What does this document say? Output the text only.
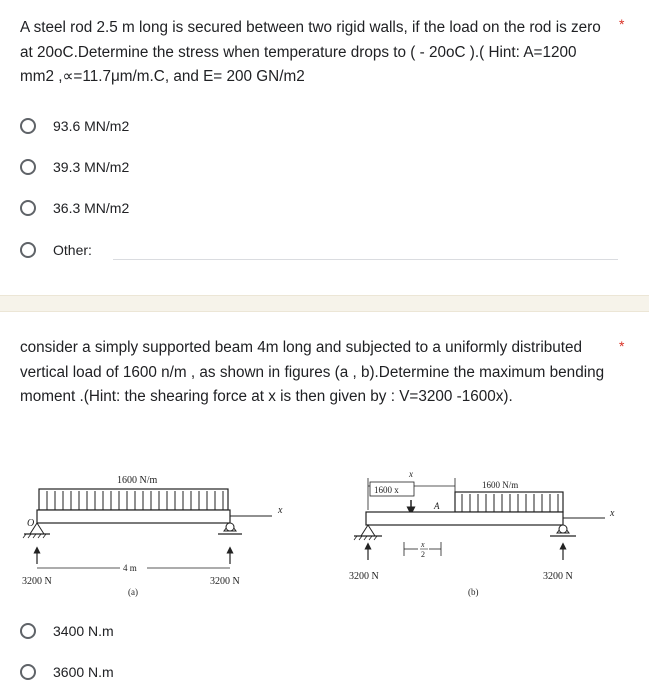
A steel rod 2.5 m long is secured between two rigid walls, if the load on the rod is zero at 20oC.Determine the stress when temperature drops to ( - 20oC ).( Hint: A=1200 mm2 ,∝=11.7μm/m.C, and E= 200 GN/m2
*
93.6 MN/m2
39.3 MN/m2
36.3 MN/m2
Other:
consider a simply supported beam 4m long and subjected to a uniformly distributed vertical load of 1600 n/m , as shown in figures (a , b).Determine the maximum bending moment .(Hint: the shearing force at x is then given by : V=3200 -1600x).
*
1600 N/m
O
x
4 m
3200 N	3200 N
(a)
x
1600 x	1600 N/m
A
x
x
2
3200 N	3200 N
(b)
3400 N.m
3600 N.m
